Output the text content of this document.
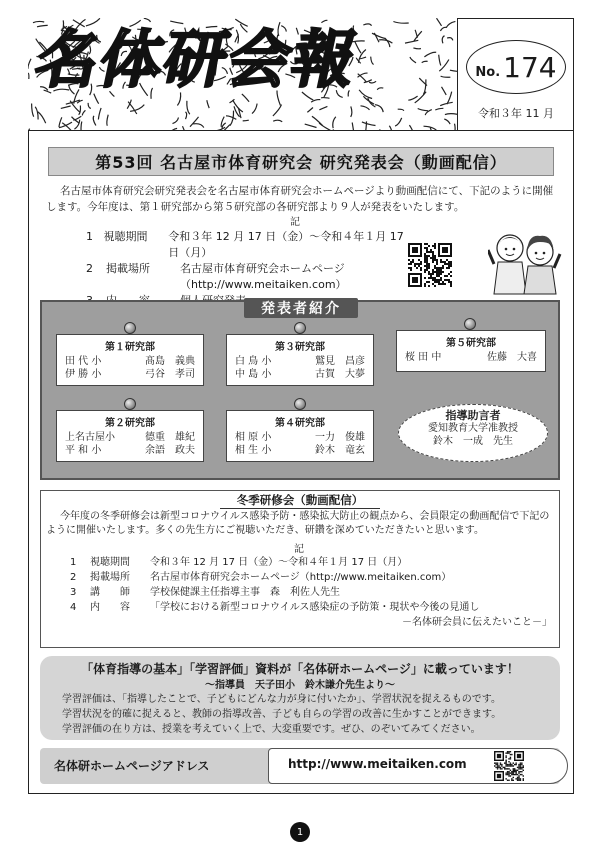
名体研会報	No. 174
令和３年 11 月
第53回 名古屋市体育研究会 研究発表会（動画配信）
名古屋市体育研究会研究発表会を名古屋市体育研究会ホームページより動画配信にて、下記のように開催します。今年度は、第１研究部から第５研究部の各研究部より９人が発表をいたします。
記
1 視聴期間	令和３年 12 月 17 日（金）～令和４年１月 17 日（月）
2	掲載場所	名古屋市体育研究会ホームページ
（http://www.meitaiken.com）
発表者紹介
第１研究部
田 代 小	髙島　義典
伊 勝 小	弓谷　孝司
第３研究部
白 鳥 小	鷲見　昌彦
中 島 小	古賀　大夢
第５研究部
桜 田 中	佐藤　大喜
第２研究部
上名古屋小	德重　雄紀
平 和 小	余語　政夫
第４研究部
相 原 小	一力　俊雄
相 生 小	鈴木　竜玄
指導助言者
愛知教育大学准教授
鈴木　一成　先生
冬季研修会（動画配信）
今年度の冬季研修会は新型コロナウイルス感染予防・感染拡大防止の観点から、会員限定の動画配信で下記のように開催いたします。多くの先生方にご視聴いただき、研鑽を深めていただきたいと思います。
記
1	視聴期間	令和３年 12 月 17 日（金）～令和４年１月 17 日（月）
2	掲載場所	名古屋市体育研究会ホームページ（http://www.meitaiken.com）
3	講　　師	学校保健課主任指導主事　森　利佐人先生
4	内　　容	「学校における新型コロナウイルス感染症の予防策・現状や今後の見通し
－名体研会員に伝えたいこと－」
「体育指導の基本」「学習評価」資料が「名体研ホームページ」に載っています！
～指導員　天子田小　鈴木謙介先生より～
学習評価は、「指導したことで、子どもにどんな力が身に付いたか」、学習状況を捉えるものです。
学習状況を的確に捉えると、教師の指導改善、子ども自らの学習の改善に生かすことができます。
学習評価の在り方は、授業を考えていく上で、大変重要です。ぜひ、のぞいてみてください。
名体研ホームページアドレス	http://www.meitaiken.com
1
